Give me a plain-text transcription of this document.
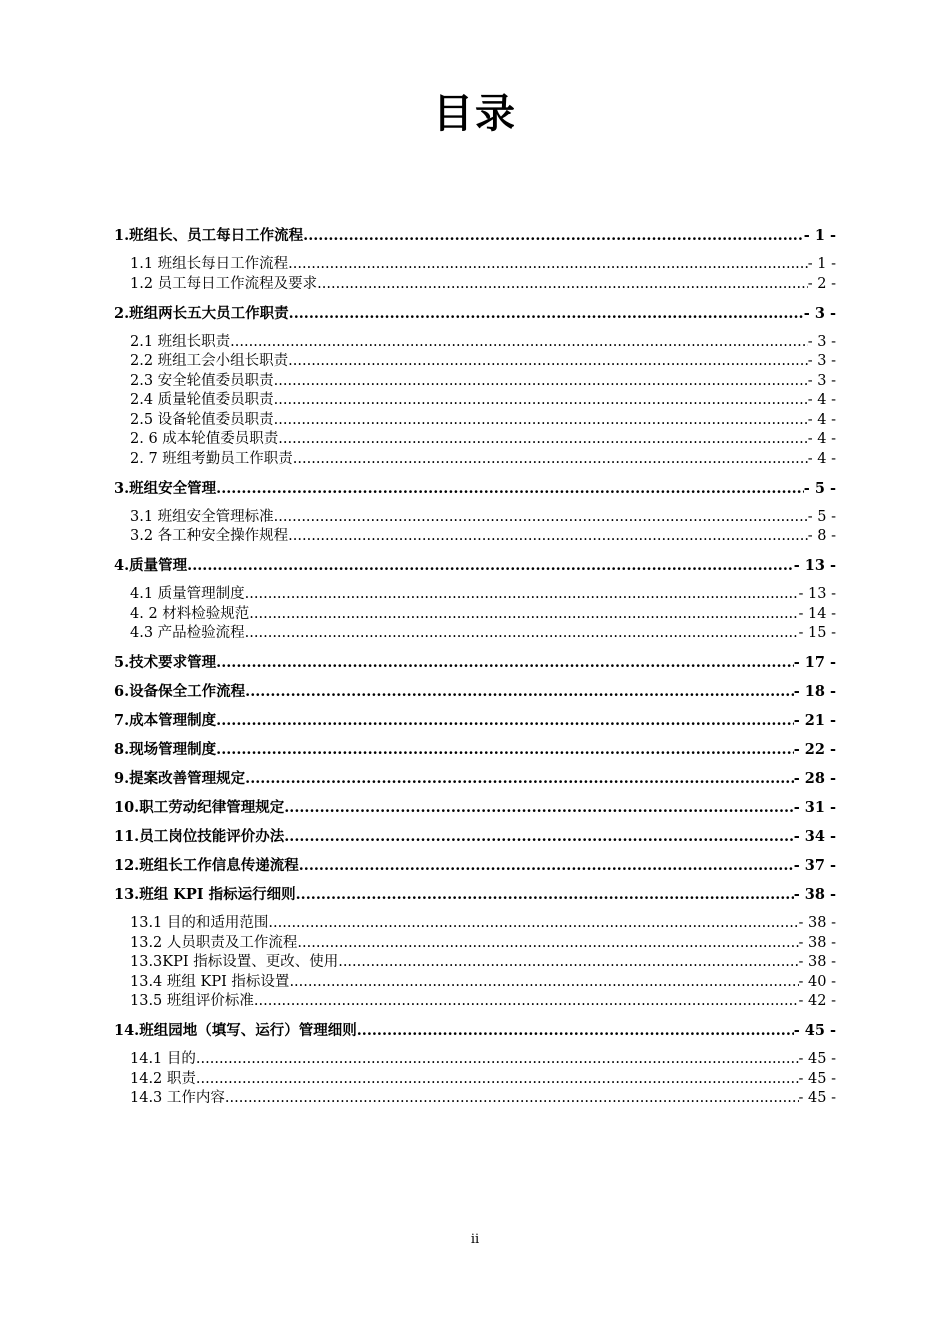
目录
1.班组长、员工每日工作流程 .....	- 1 -
1.1 班组长每日工作流程 .....	- 1 -
1.2 员工每日工作流程及要求 .....	- 2 -
2.班组两长五大员工作职责 .....	- 3 -
2.1 班组长职责 .....	- 3 -
2.2 班组工会小组长职责 .....	- 3 -
2.3 安全轮值委员职责 .....	- 3 -
2.4 质量轮值委员职责 .....	- 4 -
2.5 设备轮值委员职责 .....	- 4 -
2. 6 成本轮值委员职责 .....	- 4 -
2. 7 班组考勤员工作职责 .....	- 4 -
3.班组安全管理 .....	- 5 -
3.1 班组安全管理标准 .....	- 5 -
3.2 各工种安全操作规程 .....	- 8 -
4.质量管理 .....	- 13 -
4.1 质量管理制度 .....	- 13 -
4. 2 材料检验规范 .....	- 14 -
4.3 产品检验流程 .....	- 15 -
5.技术要求管理 .....	- 17 -
6.设备保全工作流程 .....	- 18 -
7.成本管理制度 .....	- 21 -
8.现场管理制度 .....	- 22 -
9.提案改善管理规定 .....	- 28 -
10.职工劳动纪律管理规定 .....	- 31 -
11.员工岗位技能评价办法 .....	- 34 -
12.班组长工作信息传递流程 .....	- 37 -
13.班组 KPI 指标运行细则 .....	- 38 -
13.1 目的和适用范围 .....	- 38 -
13.2 人员职责及工作流程 .....	- 38 -
13.3KPI 指标设置、更改、使用 .....	- 38 -
13.4 班组 KPI 指标设置 .....	- 40 -
13.5 班组评价标准 .....	- 42 -
14.班组园地（填写、运行）管理细则 .....	- 45 -
14.1 目的 .....	- 45 -
14.2 职责 .....	- 45 -
14.3 工作内容 .....	- 45 -
ii
